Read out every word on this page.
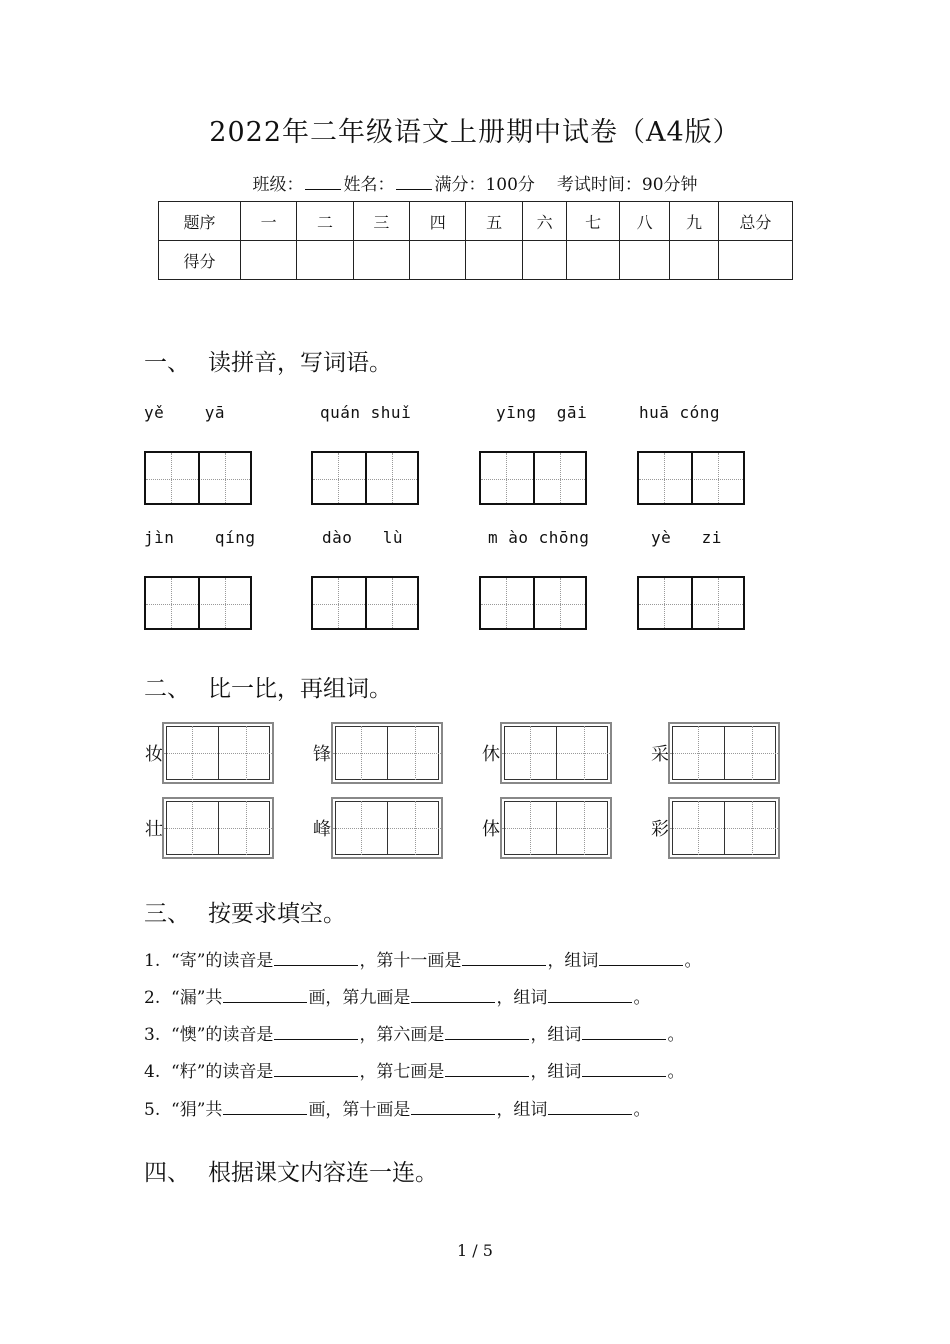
2022年二年级语文上册期中试卷（A4版）
班级： 姓名： 满分：100分 考试时间：90分钟
题序	一	二	三	四	五	六	七	八	九	总分
得分										
一、 读拼音，写词语。
yě    yā	quán shuǐ	yīng  gāi	huā cóng
jìn    qíng	dào   lù	m ào chōng	yè   zi
二、 比一比，再组词。
妆	锋	休	采
壮	峰	体	彩
三、 按要求填空。
1. “寄”的读音是	，第十一画是	，组词	。
2. “漏”共	画，第九画是	，组词	。
3. “懊”的读音是	，第六画是	，组词	。
4. “籽”的读音是	，第七画是	，组词	。
5. “狷”共	画，第十画是	，组词	。
四、 根据课文内容连一连。
1 / 5
